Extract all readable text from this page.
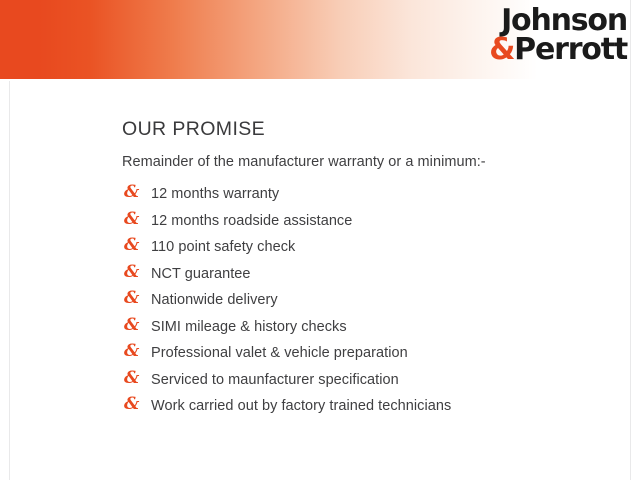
Johnson
&Perrott
OUR PROMISE

Remainder of the manufacturer warranty or a minimum:-

& 12 months warranty
& 12 months roadside assistance
& 110 point safety check
& NCT guarantee
& Nationwide delivery
& SIMI mileage & history checks
& Professional valet & vehicle preparation
& Serviced to maunfacturer specification
& Work carried out by factory trained technicians
